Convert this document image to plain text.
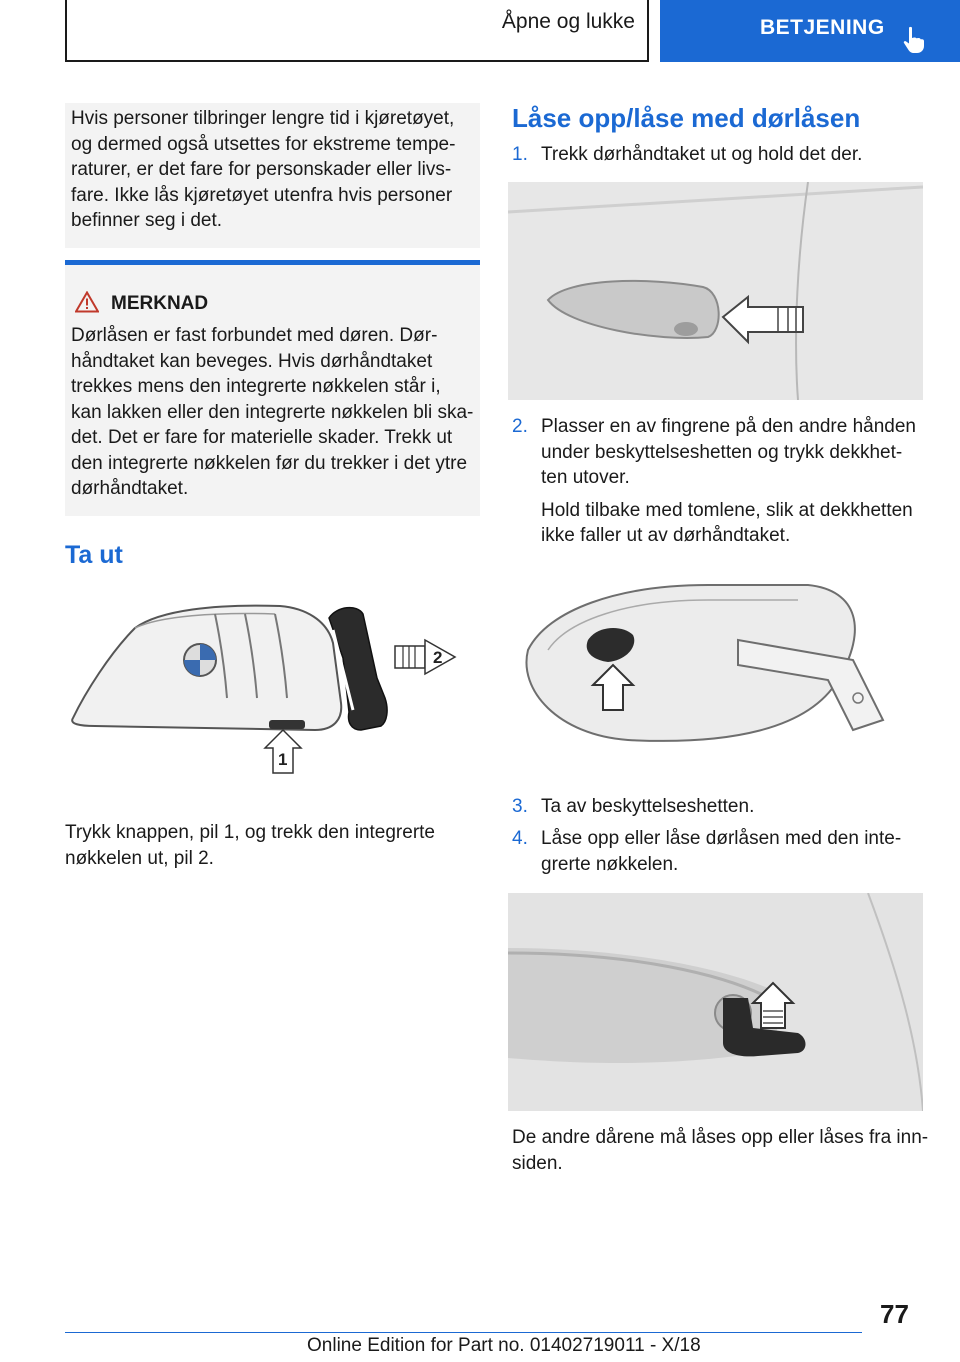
Åpne og lukke	BETJENING
Hvis personer tilbringer lengre tid i kjøretøyet,
og dermed også utsettes for ekstreme tempe-
raturer, er det fare for personskader eller livs-
fare. Ikke lås kjøretøyet utenfra hvis personer
befinner seg i det.
MERKNAD
Dørlåsen er fast forbundet med døren. Dør-
håndtaket kan beveges. Hvis dørhåndtaket
trekkes mens den integrerte nøkkelen står i,
kan lakken eller den integrerte nøkkelen bli ska-
det. Det er fare for materielle skader. Trekk ut
den integrerte nøkkelen før du trekker i det ytre
dørhåndtaket.
Ta ut
2
1
Trykk knappen, pil 1, og trekk den integrerte
nøkkelen ut, pil 2.
Låse opp/låse med dørlåsen
1. Trekk dørhåndtaket ut og hold det der.
2. Plasser en av fingrene på den andre hånden
under beskyttelseshetten og trykk dekkhet-
ten utover.
Hold tilbake med tomlene, slik at dekkhetten
ikke faller ut av dørhåndtaket.
3. Ta av beskyttelseshetten.
4. Låse opp eller låse dørlåsen med den inte-
grerte nøkkelen.
De andre dårene må låses opp eller låses fra inn-
siden.
77
Online Edition for Part no. 01402719011 - X/18
